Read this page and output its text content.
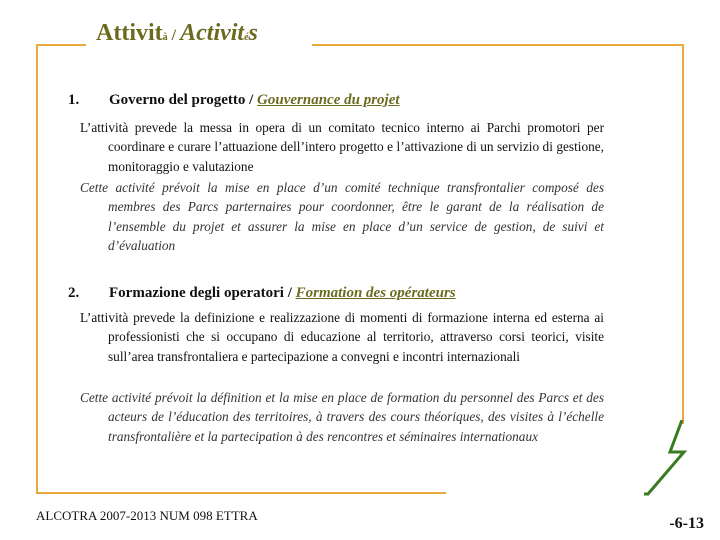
Attività / Activités
1. Governo del progetto / Gouvernance du projet
L’attività prevede la messa in opera di un comitato tecnico interno ai Parchi promotori per coordinare e curare l’attuazione dell’intero progetto e l’attivazione di un servizio di gestione, monitoraggio e valutazione
Cette activité prévoit la mise en place d’un comité technique transfrontalier composé des membres des Parcs parternaires pour coordonner, être le garant de la réalisation de l’ensemble du projet et assurer la mise en place d’un service de gestion, de suivi et d’évaluation
2. Formazione degli operatori / Formation des opérateurs
L’attività prevede la definizione e realizzazione di momenti di formazione interna ed esterna ai professionisti che si occupano di educazione al territorio, attraverso corsi teorici, visite sull’area transfrontaliera e partecipazione a convegni e incontri internazionali
Cette activité prévoit la définition et la mise en place de formation du personnel des Parcs et des acteurs de l’éducation des territoires, à travers des cours théoriques, des visites à l’échelle transfrontalière et la partecipation à des rencontres et séminaires internationaux
ALCOTRA 2007-2013 NUM 098 ETTRA	-6-13
